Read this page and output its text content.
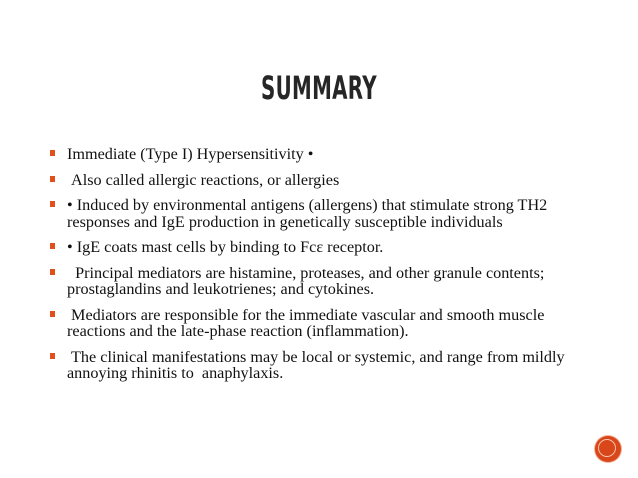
SUMMARY
Immediate (Type I) Hypersensitivity •
Also called allergic reactions, or allergies
• Induced by environmental antigens (allergens) that stimulate strong TH2 responses and IgE production in genetically susceptible individuals
• IgE coats mast cells by binding to Fcε receptor.
Principal mediators are histamine, proteases, and other granule contents; prostaglandins and leukotrienes; and cytokines.
Mediators are responsible for the immediate vascular and smooth muscle reactions and the late-phase reaction (inflammation).
The clinical manifestations may be local or systemic, and range from mildly annoying rhinitis to  anaphylaxis.
